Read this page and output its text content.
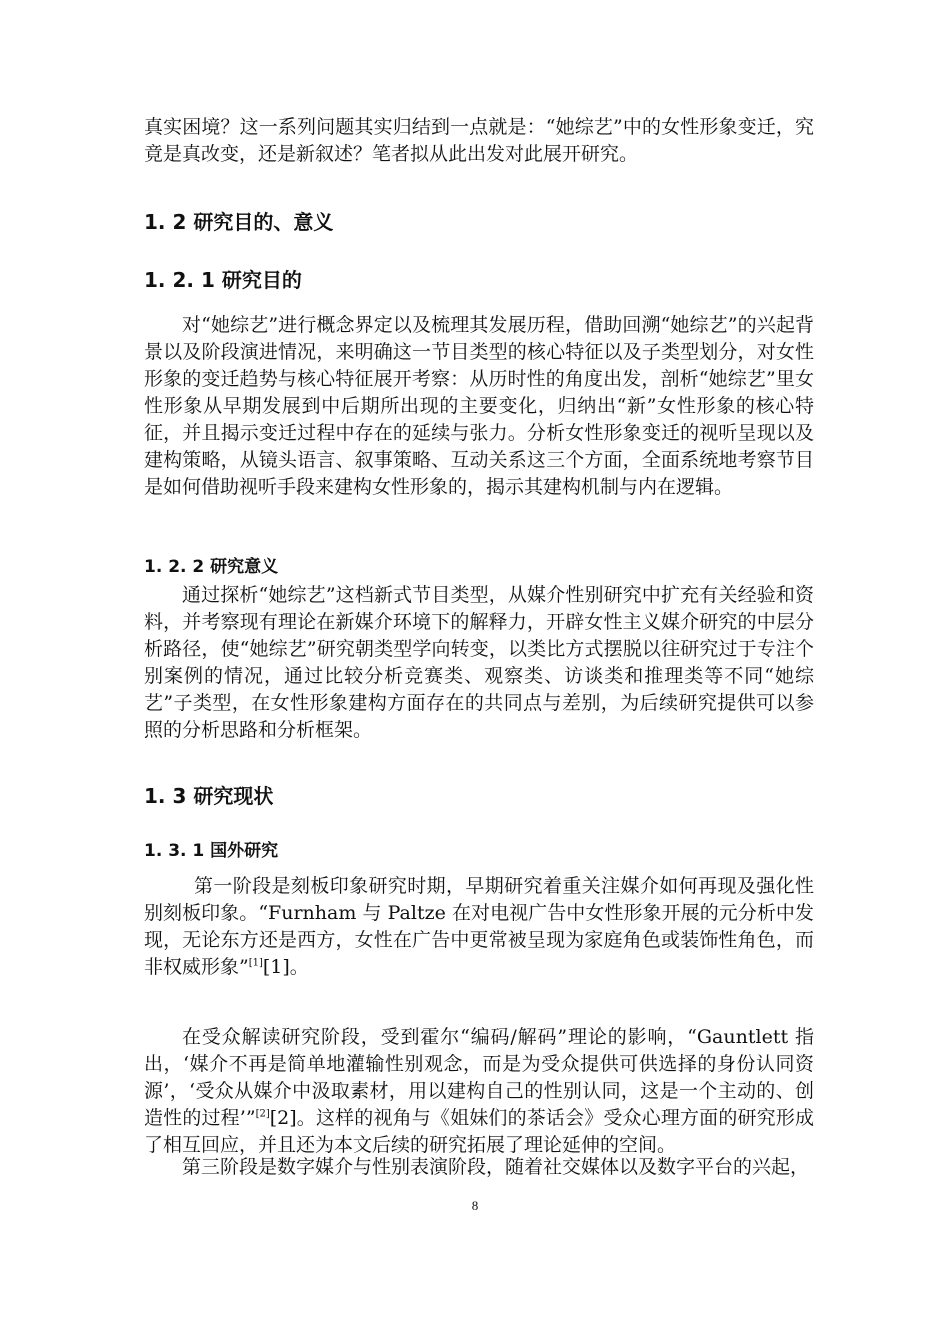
真实困境？这一系列问题其实归结到一点就是：“她综艺”中的女性形象变迁，究竟是真改变，还是新叙述？笔者拟从此出发对此展开研究。

1. 2 研究目的、意义
1. 2. 1 研究目的

对“她综艺”进行概念界定以及梳理其发展历程，借助回溯“她综艺”的兴起背景以及阶段演进情况，来明确这一节目类型的核心特征以及子类型划分，对女性形象的变迁趋势与核心特征展开考察：从历时性的角度出发，剖析“她综艺”里女性形象从早期发展到中后期所出现的主要变化，归纳出“新”女性形象的核心特征，并且揭示变迁过程中存在的延续与张力。分析女性形象变迁的视听呈现以及建构策略，从镜头语言、叙事策略、互动关系这三个方面，全面系统地考察节目是如何借助视听手段来建构女性形象的，揭示其建构机制与内在逻辑。

1. 2. 2 研究意义

通过探析“她综艺”这档新式节目类型，从媒介性别研究中扩充有关经验和资料，并考察现有理论在新媒介环境下的解释力，开辟女性主义媒介研究的中层分析路径，使“她综艺”研究朝类型学向转变，以类比方式摆脱以往研究过于专注个别案例的情况，通过比较分析竞赛类、观察类、访谈类和推理类等不同“她综艺”子类型，在女性形象建构方面存在的共同点与差别，为后续研究提供可以参照的分析思路和分析框架。

1. 3 研究现状
1. 3. 1 国外研究

第一阶段是刻板印象研究时期，早期研究着重关注媒介如何再现及强化性别刻板印象。“Furnham 与 Paltze 在对电视广告中女性形象开展的元分析中发现，无论东方还是西方，女性在广告中更常被呈现为家庭角色或装饰性角色，而非权威形象”[1][1]。

在受众解读研究阶段，受到霍尔“编码/解码”理论的影响，“Gauntlett 指出，‘媒介不再是简单地灌输性别观念，而是为受众提供可供选择的身份认同资源’，‘受众从媒介中汲取素材，用以建构自己的性别认同，这是一个主动的、创造性的过程’”[2][2]。这样的视角与《姐妹们的茶话会》受众心理方面的研究形成了相互回应，并且还为本文后续的研究拓展了理论延伸的空间。

第三阶段是数字媒介与性别表演阶段，随着社交媒体以及数字平台的兴起，

8
